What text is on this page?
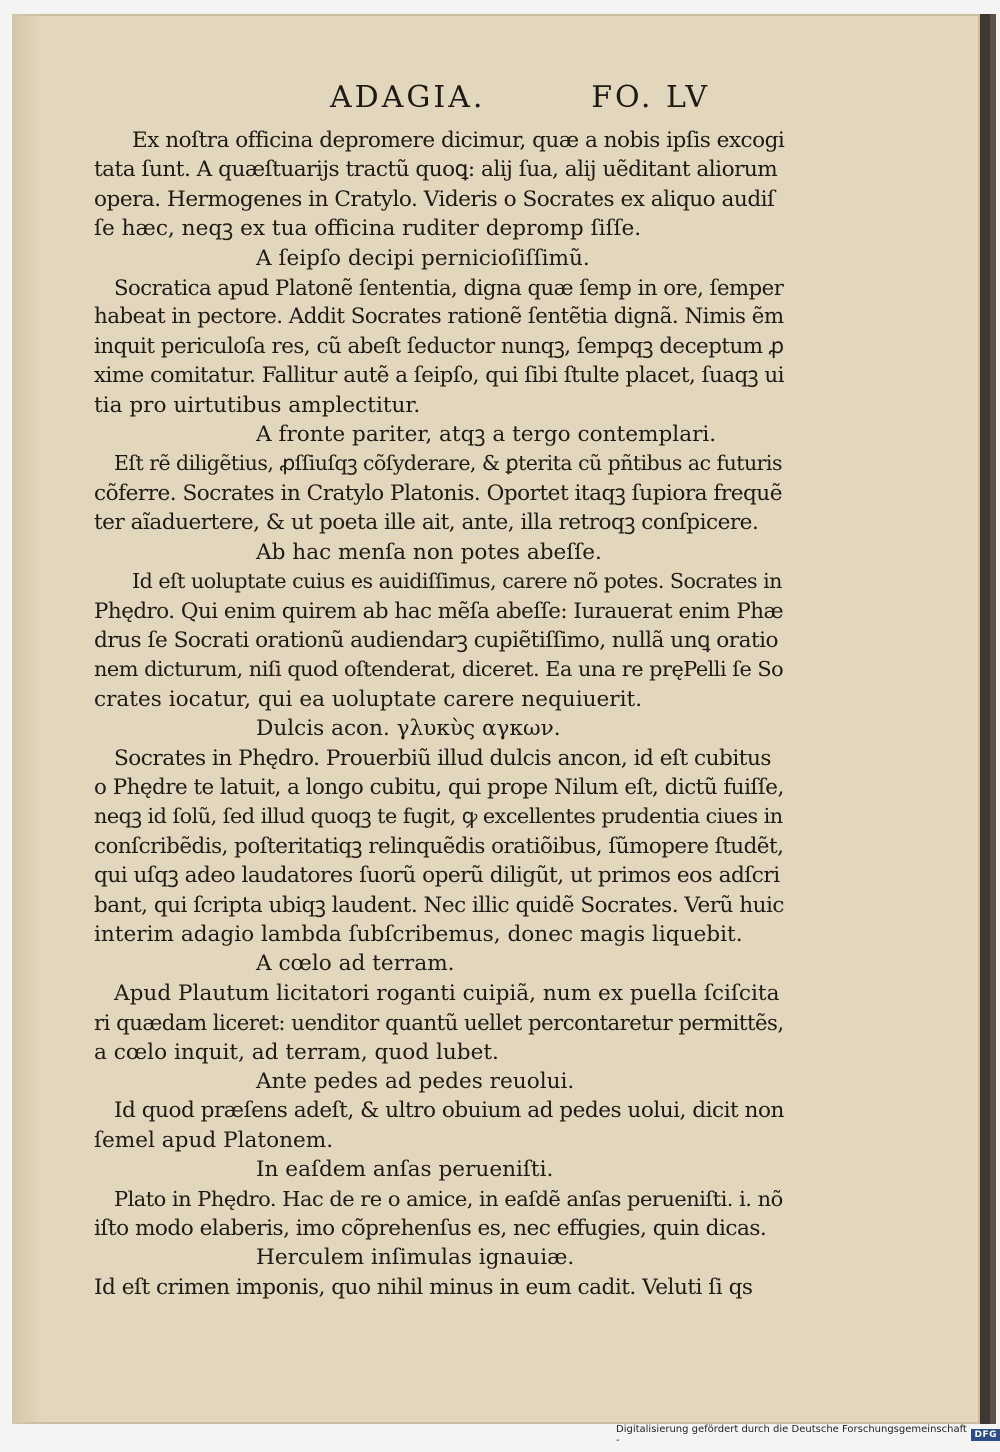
ADAGIA.	FO. LV
Ex noſtra officina depromere dicimur, quæ a nobis ipſis excogi
tata ſunt. A quæſtuarijs tractũ quoꝗ: alij ſua, alij uẽditant aliorum
opera. Hermogenes in Cratylo. Videris o Socrates ex aliquo audiſ
ſe hæc, neqꝫ ex tua officina ruditer depromp ſiſſe.
A ſeipſo decipi pernicioſiſſimũ.
Socratica apud Platonẽ ſententia, digna quæ ſemp in ore, ſemper
habeat in pectore. Addit Socrates rationẽ ſentẽtia dignã. Nimis ẽm
inquit periculoſa res, cũ abeſt ſeductor nunqꝫ, ſempqꝫ deceptum ꝓ
xime comitatur. Fallitur autẽ a ſeipſo, qui ſibi ſtulte placet, ſuaqꝫ ui
tia pro uirtutibus amplectitur.
A fronte pariter, atqꝫ a tergo contemplari.
Eſt rẽ diligẽtius, ꝓſſiuſqꝫ cõſyderare, & ꝑterita cũ pñtibus ac futuris
cõferre. Socrates in Cratylo Platonis. Oportet itaqꝫ ſupiora frequẽ
ter aĩaduertere, & ut poeta ille ait, ante, illa retroqꝫ conſpicere.
Ab hac menſa non potes abeſſe.
Id eſt uoluptate cuius es auidiſſimus, carere nõ potes. Socrates in
Phędro. Qui enim quirem ab hac mẽſa abeſſe: Iurauerat enim Phæ
drus ſe Socrati orationũ audiendarꝫ cupiẽtiſſimo, nullã unꝗ oratio
nem dicturum, niſi quod oſtenderat, diceret. Ea una re pręPelli ſe So
crates iocatur, qui ea uoluptate carere nequiuerit.
Dulcis acon. γλυκὺς αγκων.
Socrates in Phędro. Prouerbiũ illud dulcis ancon, id eſt cubitus
o Phędre te latuit, a longo cubitu, qui prope Nilum eſt, dictũ fuiſſe,
neqꝫ id ſolũ, ſed illud quoqꝫ te fugit, ꝙ excellentes prudentia ciues in
conſcribẽdis, poſteritatiqꝫ relinquẽdis oratiõibus, ſũmopere ſtudẽt,
qui uſqꝫ adeo laudatores ſuorũ operũ diligũt, ut primos eos adſcri
bant, qui ſcripta ubiqꝫ laudent. Nec illic quidẽ Socrates. Verũ huic
interim adagio lambda ſubſcribemus, donec magis liquebit.
A cœlo ad terram.
Apud Plautum licitatori roganti cuipiã, num ex puella ſciſcita
ri quædam liceret: uenditor quantũ uellet percontaretur permittẽs,
a cœlo inquit, ad terram, quod lubet.
Ante pedes ad pedes reuolui.
Id quod præſens adeſt, & ultro obuium ad pedes uolui, dicit non
ſemel apud Platonem.
In eaſdem anſas perueniſti.
Plato in Phędro. Hac de re o amice, in eaſdẽ anſas perueniſti. i. nõ
iſto modo elaberis, imo cõprehenſus es, nec effugies, quin dicas.
Herculem inſimulas ignauiæ.
Id eſt crimen imponis, quo nihil minus in eum cadit. Veluti ſi qs
Digitalisierung gefördert durch die Deutsche Forschungsgemeinschaft -	DFG
